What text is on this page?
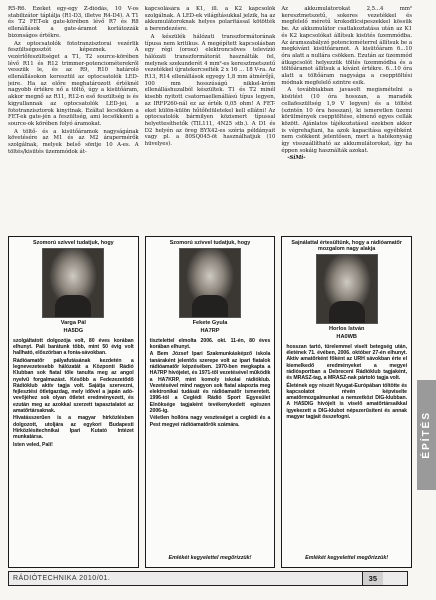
R5-R6. Ezeket egy-egy Z-diódás, 10 V-os stabilizátor táplálja (R1-D3, illetve R4-D4). A T1 és T2 FET-ek gate-körében lévő R7 és R8 ellenállások a gate-áramot korlátozzák bizonságos értékre.

Az optocsatolók fototranzisztorai vezérlik feszültségosztót képeznek. A vezérlőfeszültséget a T1, T2 source-körében lévő R11 és R12 trimmer-potenciométerekről vesszük le, és az R9, R10 határoló ellenállásokon keresztül az optocsatolók LED-jeire. Ha az előre meghatározott értéknél nagyobb értékre nő a töltő, úgy a kisütőáram, akkor megnő az R11, R12-n eső feszültség is és kigyullannak az optocsatolók LED-jei, a fototranzisztorok kinyitnak. Ezáltal lecsökken a FET-ek gate-jén a feszültség, ami lecsökkenti a source-ok körében folyó áramokat.

A töltő- és a kisütőáramok nagyságának követésére az M1 és az M2 árapermérők szolgálnak, melyek belső söntje 10 A-es. A töltés/kisütés üzemmódok át-

kapcsolására a K1, ill. a K2 kapcsolók szolgálnak. A LED-ek világításukkal jelzik, ha az akkumulátoroknak helyes polaritással kötötték a berendezésre.

A készülék hálózati transzformátorának típusa nem kritikus. A megépített kapcsolásban egy régi (orosz) elektroncsöves televízió hálózati transzformátorát használták fel, melynek szekunderét 4 mm²-es keresztmetszetű vezetékkel újratekercselték 2 x 16 ... 18 V-ra. Az R13, R14 ellenállások egyegy 1,8 mm átmérőjű, 100 mm hosszúságú nikkel-króm ellenálláshuzalból készültek. T1 és T2 minél kisebb nyitott csatornaellenállású típus legyen, az IRFP260-nál ez az érték 0,05 ohm! A FET-eket külön-külön hűtőfelületekel kell ellátni! Az optocsatolók bármilyen közismert típussal helyettesíthetők (TIL111, 4N25 stb.). A D1 és D2 helyén az öreg BYX42-es széria példányait vagy pl. a 80SQ045-öt használhatjuk (10 hüvelyes).

Az akkumulátorokat 2,5...4 mm² keresztmetszetű, sokeres vezetékkel és megfelelő méretű krokodilcsipeszekkel kössük be. Az akkumulátor csatlakoztatása után az K1 és K2 kapcsolókat állítsuk kisütés üzemmódba. Az áramszabályzó potenciométerrel állítsuk be a megkívánt kisütőáramot. A kisütőáram 6...10 óra alatt a nullára csökken. Ezután az üzemmód átkapcsolót helyezzük töltés üzemmódba és a töltőáramot állítsuk a kívánt értékre. 6...10 óra alatt a töltőáram nagysága a csepptöltési módnak megfelelő szintre esik.

A továbbiakban javasolt megismételni a kisütést (10 óra hosszan, a maradék cellafeszültség 1,9 V legyen) és a töltést (szintén 10 óra hosszan), ki ismeretlen üzemi körülmények csepptöltése, elmenő egyes cellák között. Ajánlatos tájékoztatásul ezekben akkor is végrehajtani, ha azok kapacitása egyébként nem csökkent jelentősen, mert a hatékonyság így visszaállítható az akkumulátorokat, így ha éppen sokáig használták azokat.

-SiMi-

Szomorú szívvel tudatjuk, hogy
Varga Pál
HA5DG

szolgáltatott dolgozója volt, 80 éves korában elhunyt. Pali barátunk több, mint 50 évig volt hallható, előszörban a fonia-sávokban.

Rádióamatőr pályafutásának kezdetén a legnevezetesebb hálózatát a Központi Rádió Klubban sok fiatal tőle tanulta meg az angol nyelvű forgalmazást. Később a Fedezezetődő Rádióklub aktív tagja volt. Sajátja szervezni, fejlesztési ötletgazdag, mely idővel a japán adó-vevőjéhez sok olyan ötletet eredményezett, és ezután meg az azokkal szerzett tapasztalatot az amatőrtársaknak.

Hivatásszerűen is a magyar hírközlésben dolgozott, utoljára az egykori Budapesti Hírközlésitechnikai Ipari Kutató Intézet munkatársa.

Isten veled, Pali!

Szomorú szívvel tudatjuk, hogy
Fekete Gyula
HA7RP

tisztelettel elmolta 2006. okt. 11-én, 80 éves korában elhunyt.

A Bem József Ipari Szakmunkásképző iskola tanáraként jelentős szerepe volt az ipari fiatalok rádióamatőr képzésében. 1970-ben megkapta a HA7RP hívójelet, és 1971-től vezetésével működik a HA7KRP, mint komoly iskolai rádióklub. Vezetésével mind nagyon sok fiatal alapozta meg elektronikai tudását és rádióamatőr ismereteit. 1996-tól a Ceglédi Rádió Sport Egyesület Elnöksége tagjaként tevékenykedett egészen 2006-ig.

Véletlen hollóra nagy veszteséget a ceglédi és a Pest megyei rádióamatőrök számára.

Emlékét kegyelettel megőrizzük!
Sajnálattal értesültünk, hogy a rádióamatőr mozgalom nagy alakja
Horlos István
HA0WB

hosszan tartó, türelemmel viselt betegség után, életének 71. évében, 2006. október 27-én elhunyt. Aktív amatőrként főként az URH sávokban érte el kiemelkedő eredményeket a megyei rádiósportban a Debreceni Rádióklub tagjaként, és MRASZ-tag, a MRASZ-nak pártoló tagja volt.

Életének egy részét Nyugat-Európában töltötte és kapcsolatot révén képviselte amatőrmozgalmunkat a nemzetközi DIG-klubban. A HA5DIG hívójelt is viselő amatőrtársaikkal igyekezett a DIG-klubot népszerűsíteni és annak magyar tagjait összefogni.

Emlékét kegyelettel megőrizzük!
ÉPÍTÉS
RÁDIÓTECHNIKA 2010/01.	35
